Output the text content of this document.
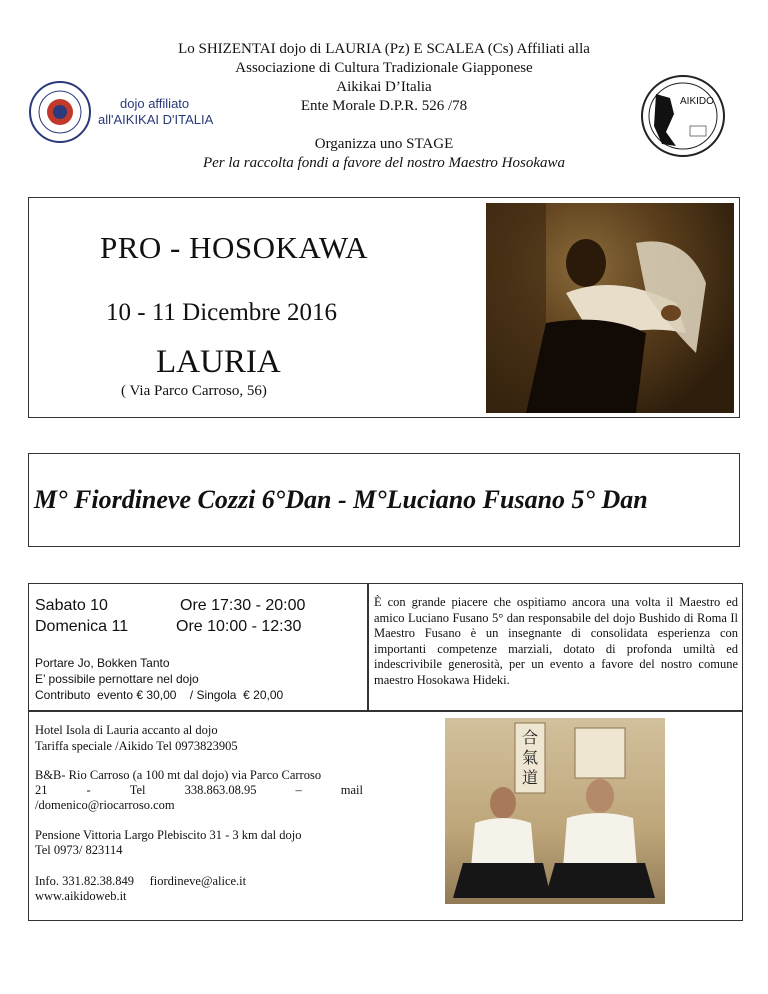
Lo SHIZENTAI dojo di LAURIA (Pz) E SCALEA (Cs) Affiliati alla
Associazione di Cultura Tradizionale Giapponese
Aikikai D’Italia
Ente Morale D.P.R. 526 /78
Organizza uno STAGE
Per la raccolta fondi a favore del nostro Maestro Hosokawa
dojo affiliato
all'AIKIKAI D'ITALIA
AIKIDO
PRO - HOSOKAWA
10 - 11 Dicembre 2016
LAURIA
( Via Parco Carroso, 56)
M° Fiordineve Cozzi 6°Dan - M°Luciano Fusano 5° Dan
Sabato 10	Ore 17:30 - 20:00
Domenica 11	Ore 10:00 - 12:30
Portare Jo, Bokken Tanto
E’ possibile pernottare nel dojo
Contributo  evento € 30,00    / Singola  € 20,00
È con grande piacere che ospitiamo ancora una volta il Maestro ed amico Luciano Fusano 5° dan responsabile del dojo Bushido di Roma Il Maestro Fusano è un insegnante di consolidata esperienza con importanti competenze marziali, dotato di profonda umiltà ed indescrivibile generosità, per un evento a favore del nostro comune maestro Hosokawa Hideki.
Hotel Isola di Lauria accanto al dojo
Tariffa speciale /Aikido Tel 0973823905
B&B- Rio Carroso (a 100 mt dal dojo) via Parco Carroso
21	-	Tel	338.863.08.95	–	mail
/domenico@riocarroso.com
Pensione Vittoria Largo Plebiscito 31 - 3 km dal dojo
Tel 0973/ 823114
Info. 331.82.38.849     fiordineve@alice.it
www.aikidoweb.it
合氣道
